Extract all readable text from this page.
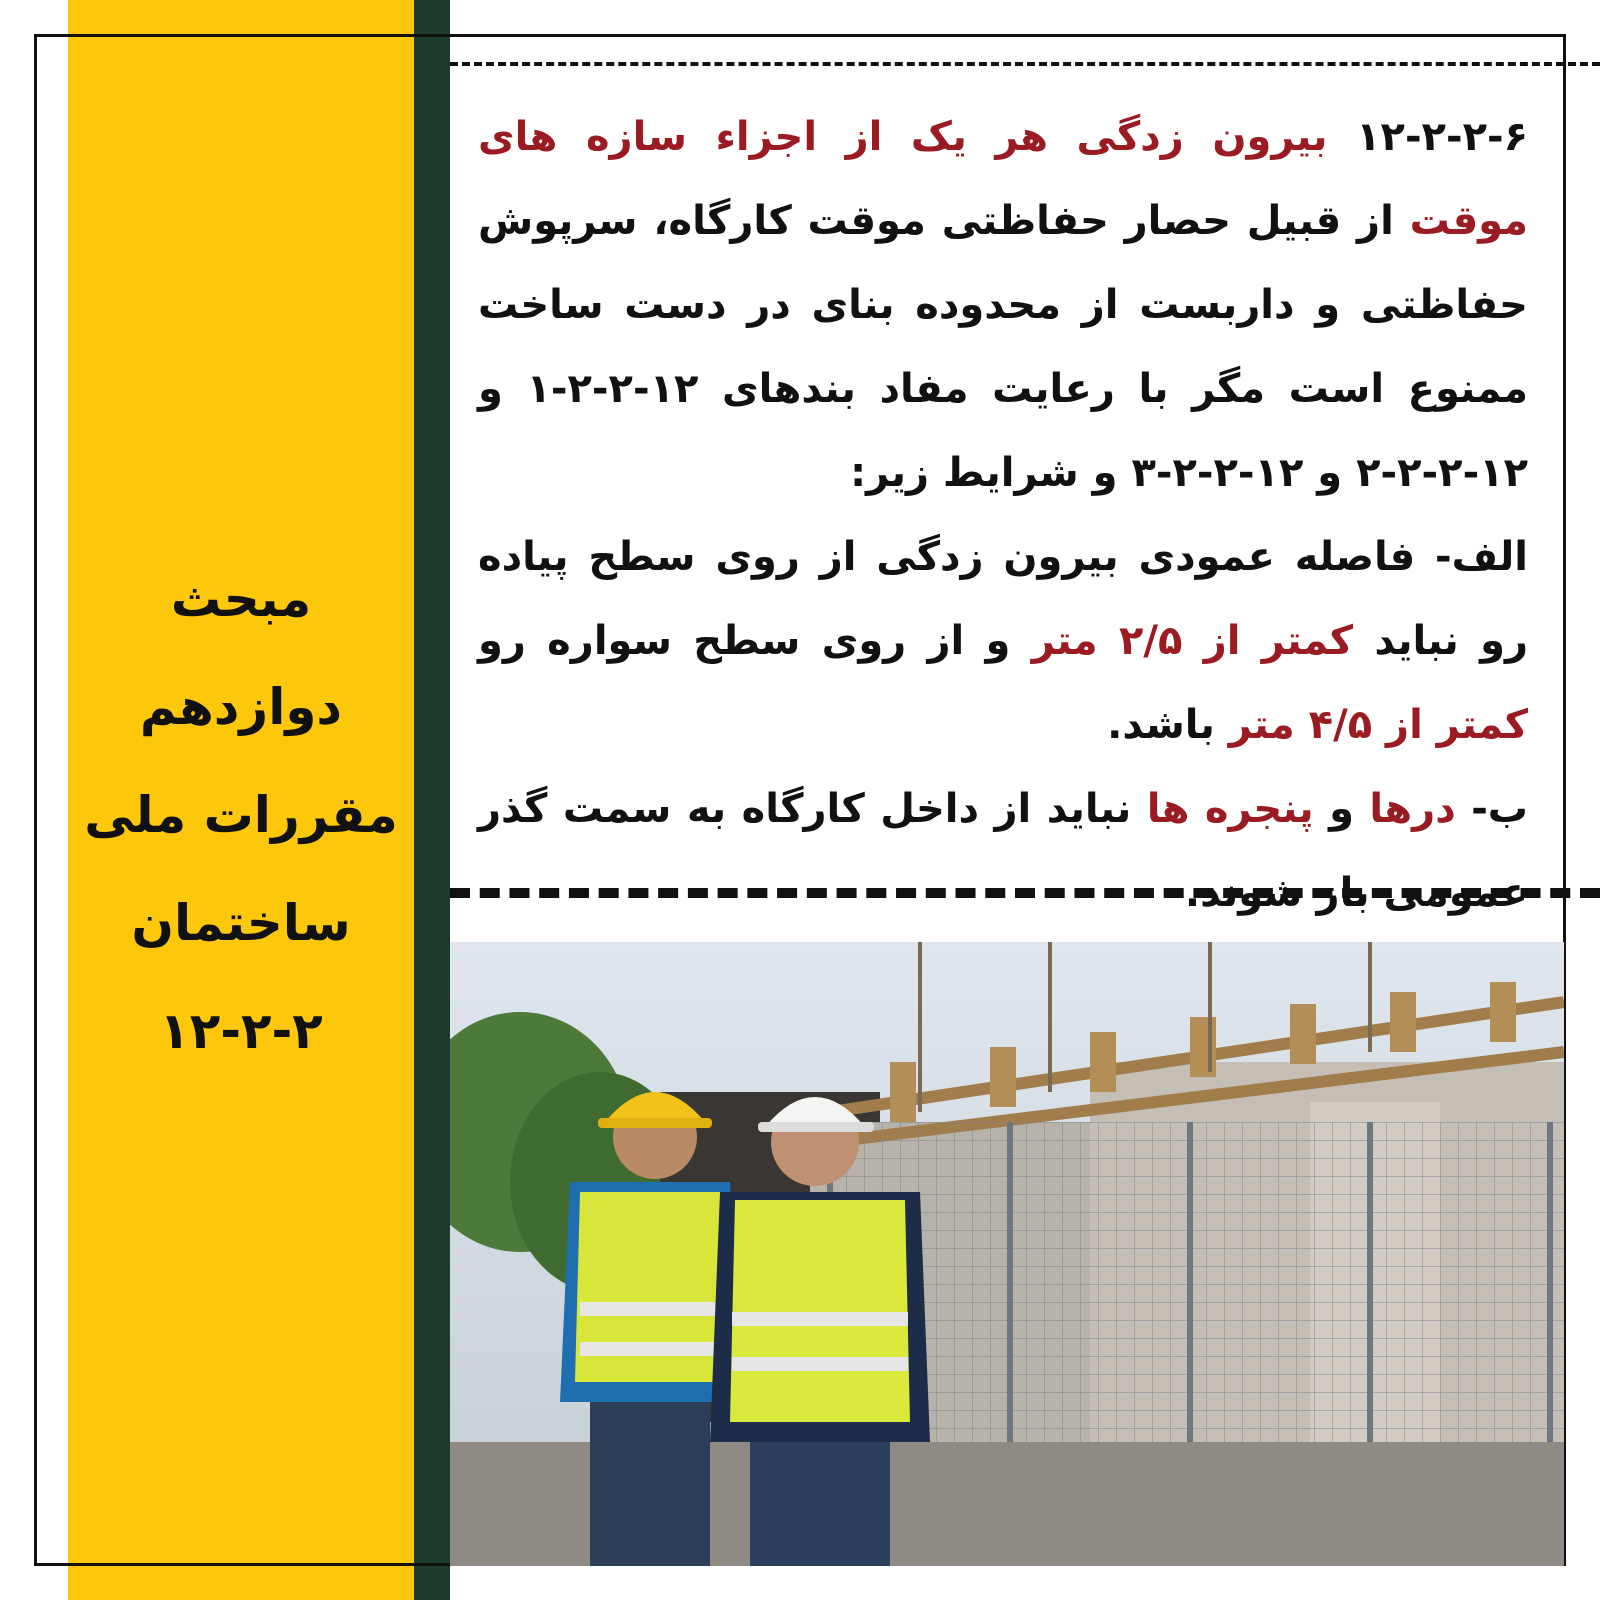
مبحث دوازدهم
مقررات ملی
ساختمان
۱۲-۲-۲

۱۲-۲-۲-۶ بیرون زدگی هر یک از اجزاء سازه های موقت از قبیل حصار حفاظتی موقت کارگاه، سرپوش حفاظتی و داربست از محدوده بنای در دست ساخت ممنوع است مگر با رعایت مفاد بندهای ۱۲-۲-۲-۱ و ۱۲-۲-۲-۲ و ۱۲-۲-۲-۳ و شرایط زیر:

الف- فاصله عمودی بیرون زدگی از روی سطح پیاده رو نباید کمتر از ۲/۵ متر و از روی سطح سواره رو کمتر از ۴/۵ متر باشد.

ب- درها و پنجره ها نباید از داخل کارگاه به سمت گذر عمومی باز شوند.
